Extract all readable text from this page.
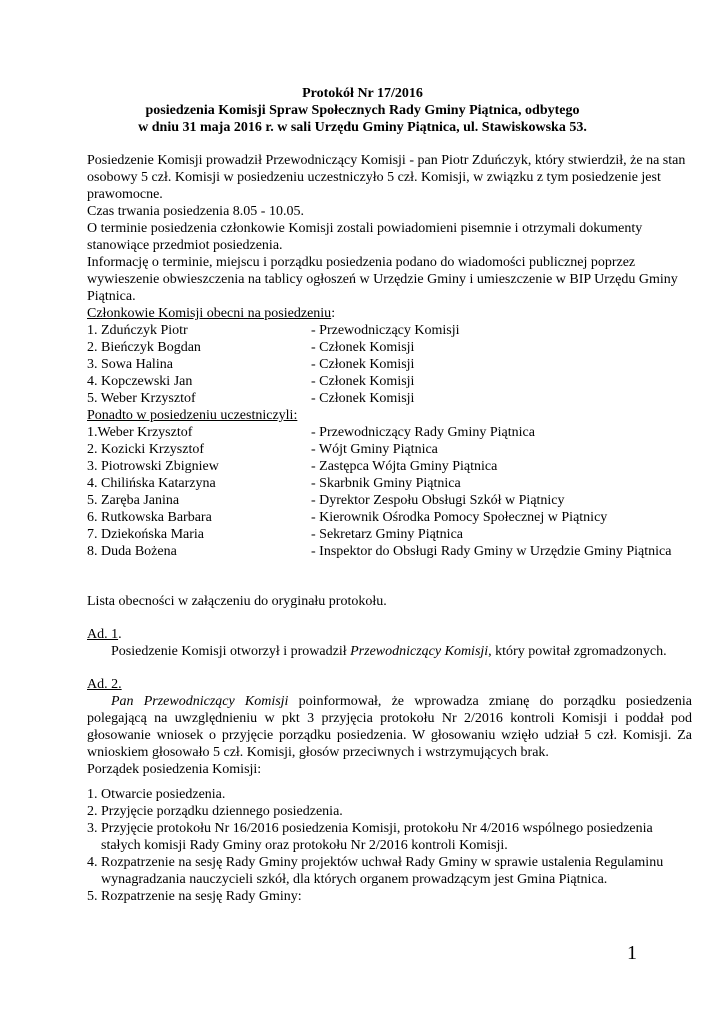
Protokół Nr 17/2016
posiedzenia Komisji Spraw Społecznych Rady Gminy Piątnica, odbytego
w dniu 31 maja 2016 r. w sali Urzędu Gminy Piątnica, ul. Stawiskowska 53.

Posiedzenie Komisji prowadził Przewodniczący Komisji - pan Piotr Zduńczyk, który stwierdził, że na stan osobowy 5 czł. Komisji w posiedzeniu uczestniczyło 5 czł. Komisji, w związku z tym posiedzenie jest prawomocne.

Czas trwania posiedzenia 8.05 - 10.05.

O terminie posiedzenia członkowie Komisji zostali powiadomieni pisemnie i otrzymali dokumenty stanowiące przedmiot posiedzenia.

Informację o terminie, miejscu i porządku posiedzenia podano do wiadomości publicznej poprzez wywieszenie obwieszczenia na tablicy ogłoszeń w Urzędzie Gminy i umieszczenie w BIP Urzędu Gminy Piątnica.

Członkowie Komisji obecni na posiedzeniu:

1. Zduńczyk Piotr	- Przewodniczący Komisji
2. Bieńczyk Bogdan	- Członek Komisji
3. Sowa Halina	- Członek Komisji
4. Kopczewski Jan	- Członek Komisji
5. Weber Krzysztof	- Członek Komisji

Ponadto w posiedzeniu uczestniczyli:

1.Weber Krzysztof	- Przewodniczący Rady Gminy Piątnica
2. Kozicki Krzysztof	- Wójt Gminy Piątnica
3. Piotrowski Zbigniew	- Zastępca Wójta Gminy Piątnica
4. Chilińska Katarzyna	- Skarbnik Gminy Piątnica
5. Zaręba Janina	- Dyrektor Zespołu Obsługi Szkół w Piątnicy
6. Rutkowska Barbara	- Kierownik Ośrodka Pomocy Społecznej w Piątnicy
7. Dziekońska Maria	- Sekretarz Gminy Piątnica
8. Duda Bożena	- Inspektor do Obsługi Rady Gminy w Urzędzie Gminy Piątnica

Lista obecności w załączeniu do oryginału protokołu.

Ad. 1.

Posiedzenie Komisji otworzył i prowadził Przewodniczący Komisji, który powitał zgromadzonych.

Ad. 2.

Pan Przewodniczący Komisji poinformował, że wprowadza zmianę do porządku posiedzenia polegającą na uwzględnieniu w pkt 3 przyjęcia protokołu Nr 2/2016 kontroli Komisji i poddał pod głosowanie wniosek o przyjęcie porządku posiedzenia. W głosowaniu wzięło udział 5 czł. Komisji. Za wnioskiem głosowało 5 czł. Komisji, głosów przeciwnych i wstrzymujących brak.

Porządek posiedzenia Komisji:

1. Otwarcie posiedzenia.

2. Przyjęcie porządku dziennego posiedzenia.

3. Przyjęcie protokołu Nr 16/2016 posiedzenia Komisji, protokołu Nr 4/2016 wspólnego posiedzenia stałych komisji Rady Gminy oraz protokołu Nr 2/2016 kontroli Komisji.

4. Rozpatrzenie na sesję Rady Gminy projektów uchwał Rady Gminy w sprawie ustalenia Regulaminu wynagradzania nauczycieli szkół, dla których organem prowadzącym jest Gmina Piątnica.

5. Rozpatrzenie na sesję Rady Gminy:

1
